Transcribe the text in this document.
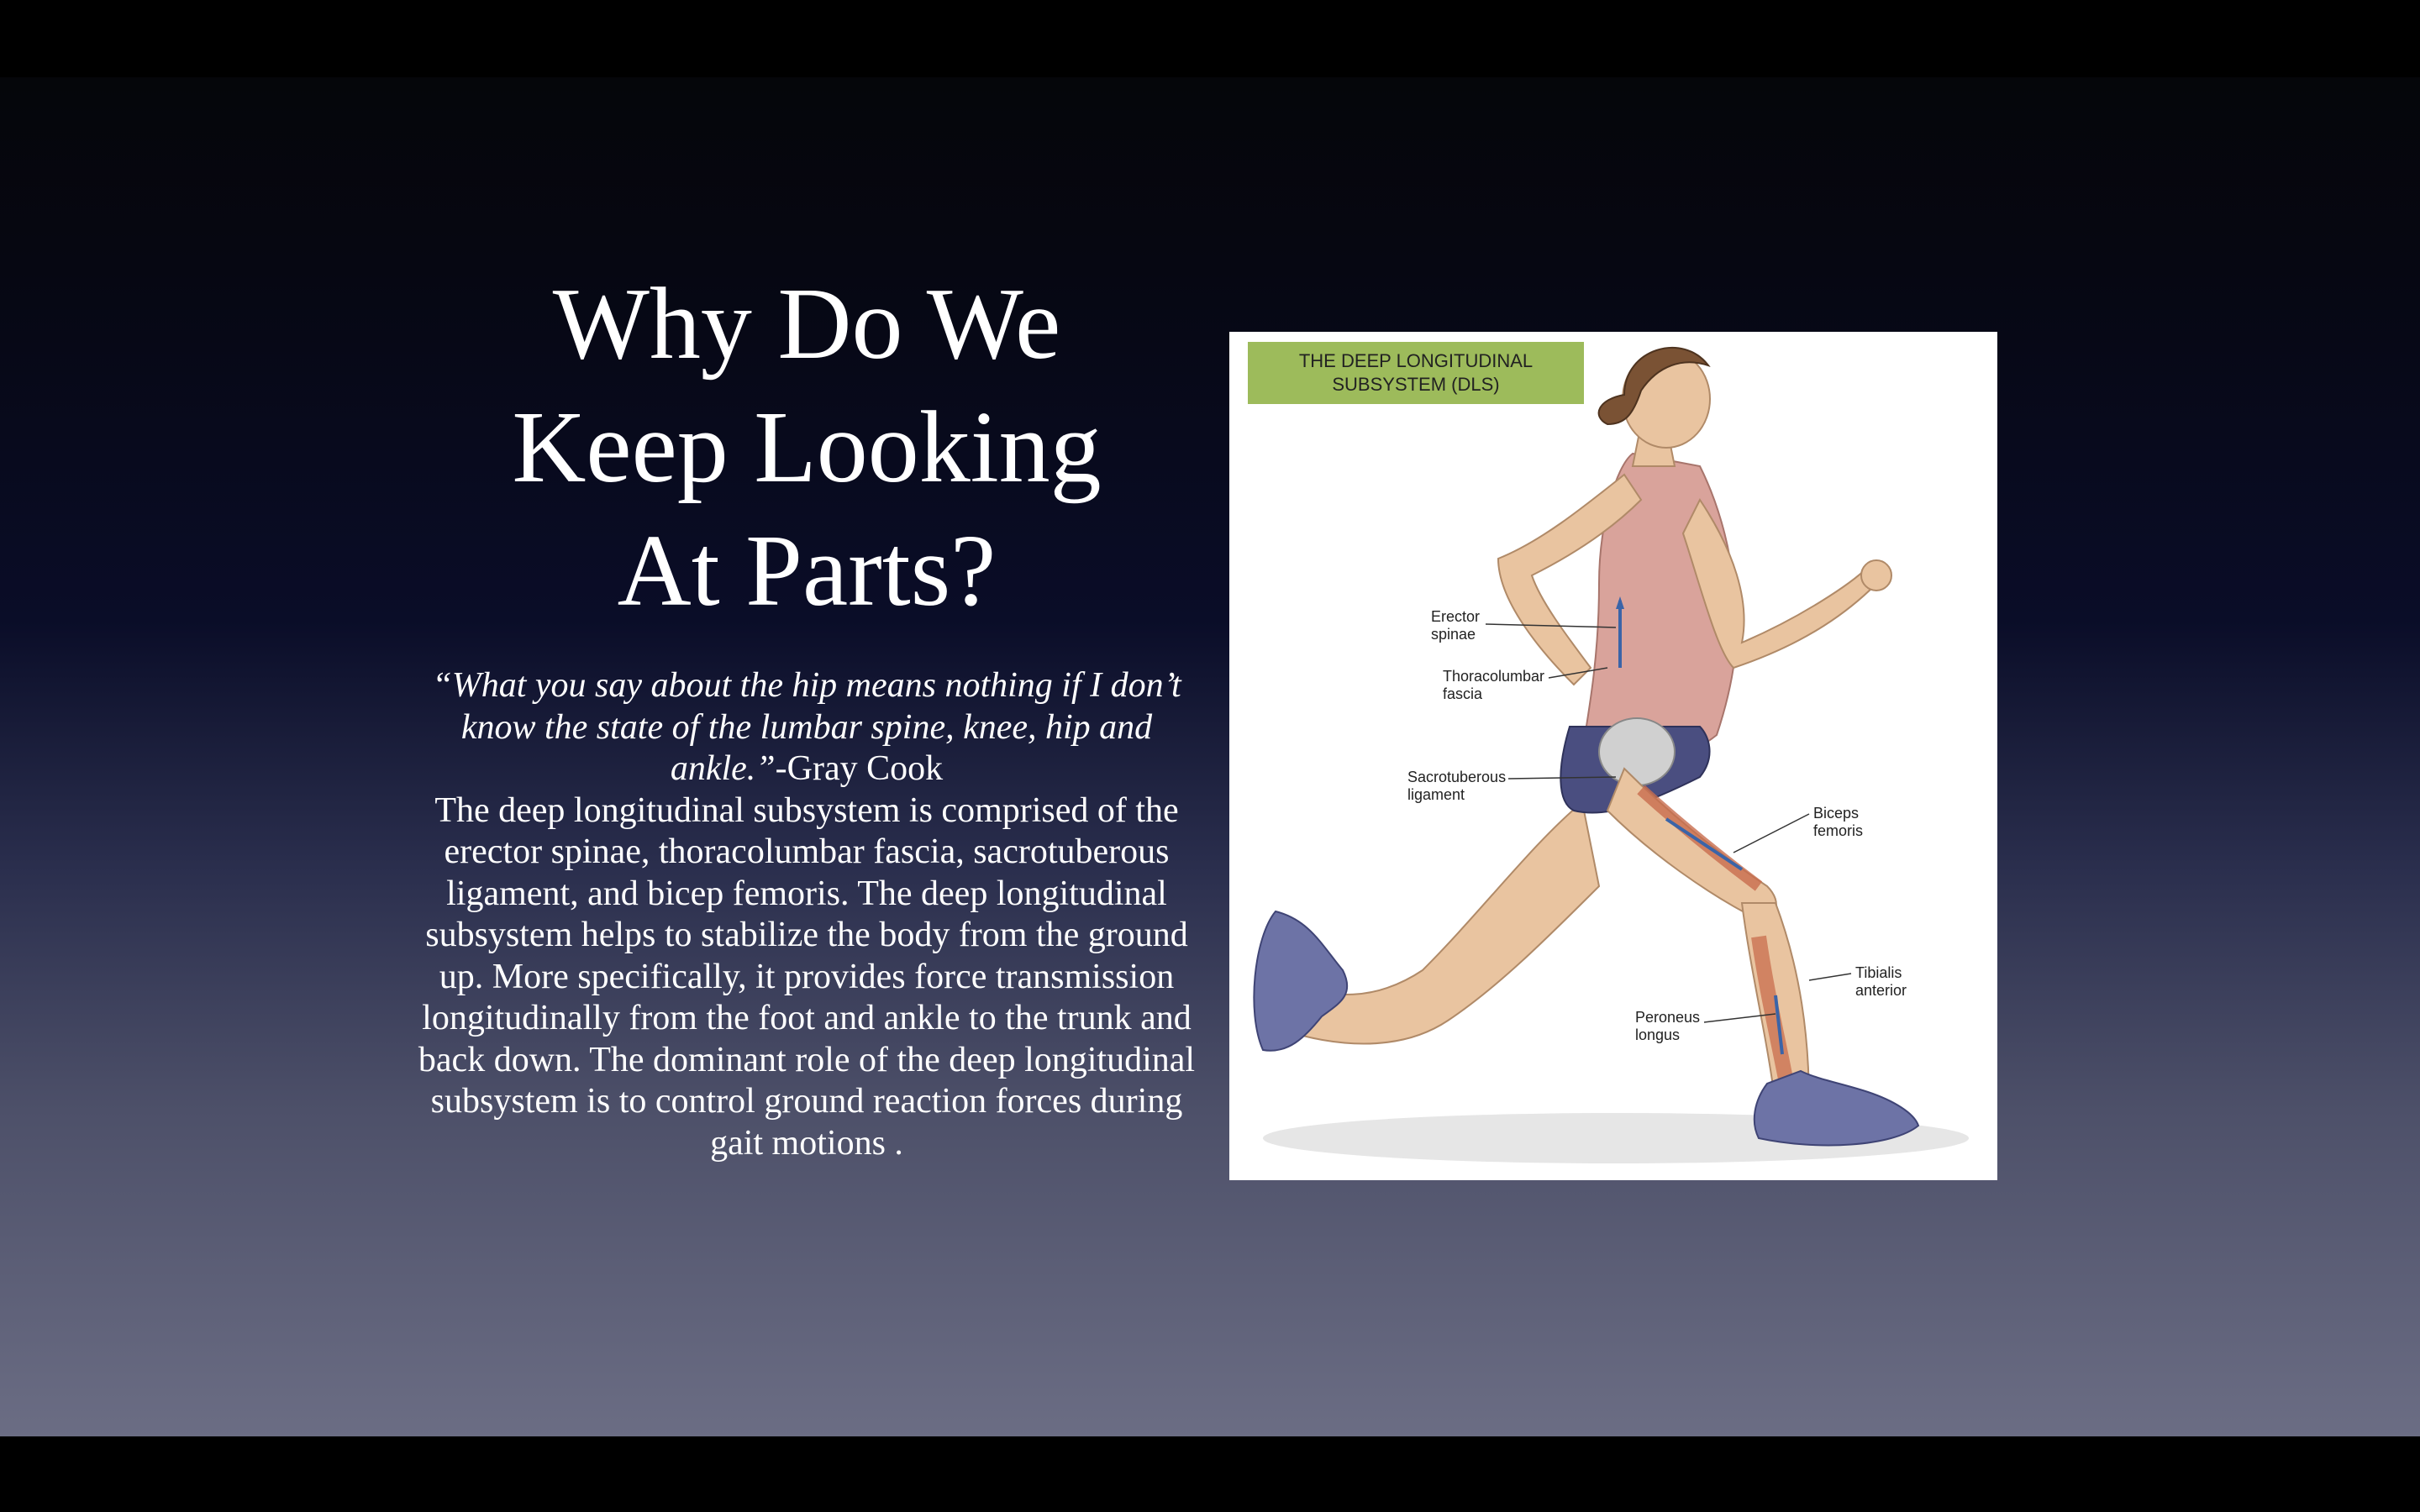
Why Do We
Keep Looking
At Parts?
“What you say about the hip means nothing if I don’t know the state of the lumbar spine, knee, hip and ankle.”-Gray Cook
The deep longitudinal subsystem is comprised of the erector spinae, thoracolumbar fascia, sacrotuberous ligament, and bicep femoris. The deep longitudinal subsystem helps to stabilize the body from the ground up. More specifically, it provides force transmission longitudinally from the foot and ankle to the trunk and back down. The dominant role of the deep longitudinal subsystem is to control ground reaction forces during gait motions .
THE DEEP LONGITUDINAL
SUBSYSTEM (DLS)
Erector
spinae
Thoracolumbar
fascia
Sacrotuberous
ligament
Biceps
femoris
Tibialis
anterior
Peroneus
longus
